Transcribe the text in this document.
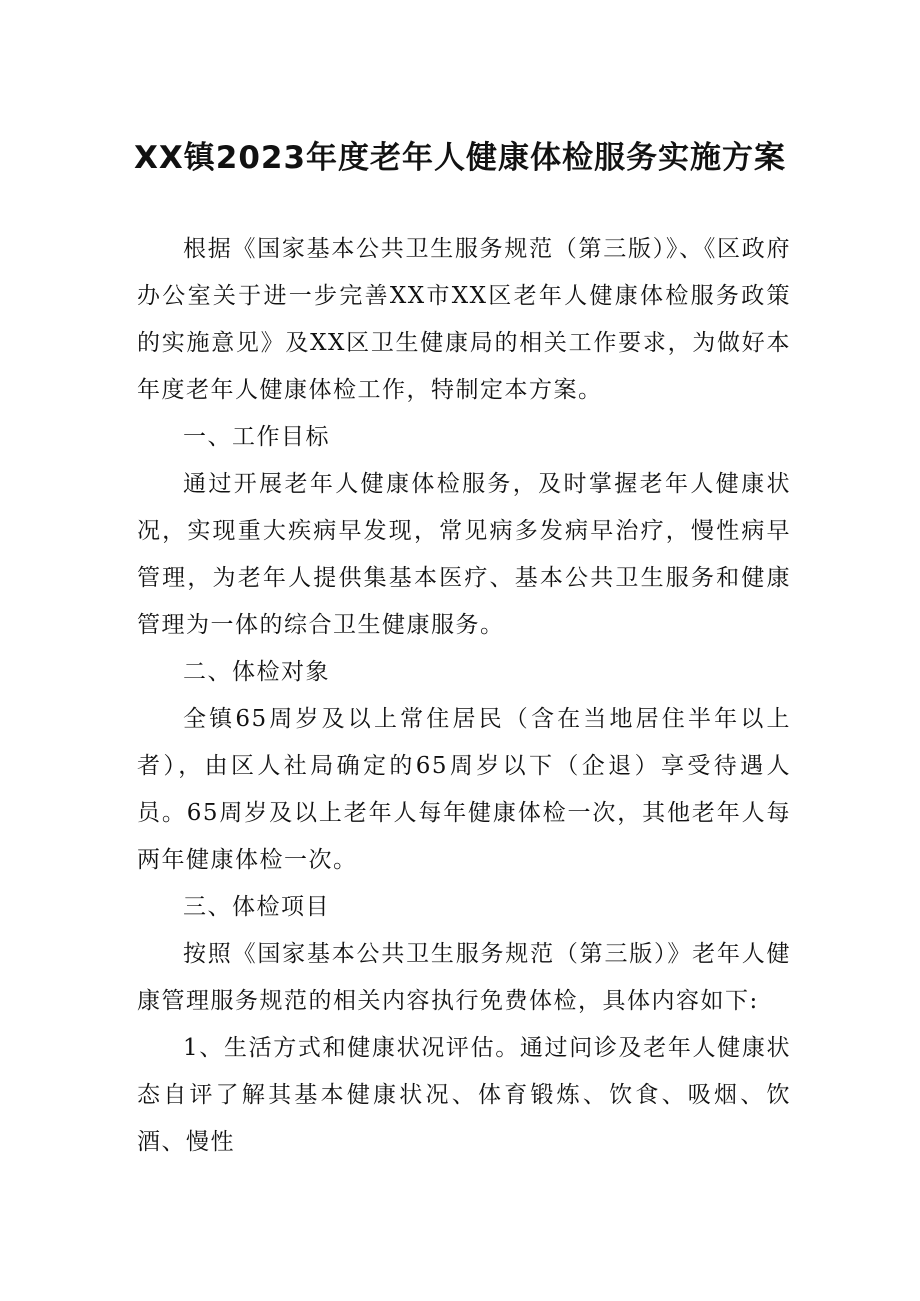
XX镇2023年度老年人健康体检服务实施方案

根据《国家基本公共卫生服务规范（第三版）》、《区政府办公室关于进一步完善XX市XX区老年人健康体检服务政策的实施意见》及XX区卫生健康局的相关工作要求，为做好本年度老年人健康体检工作，特制定本方案。

一、工作目标

通过开展老年人健康体检服务，及时掌握老年人健康状况，实现重大疾病早发现，常见病多发病早治疗，慢性病早管理，为老年人提供集基本医疗、基本公共卫生服务和健康管理为一体的综合卫生健康服务。

二、体检对象

全镇65周岁及以上常住居民（含在当地居住半年以上者），由区人社局确定的65周岁以下（企退）享受待遇人员。65周岁及以上老年人每年健康体检一次，其他老年人每两年健康体检一次。

三、体检项目

按照《国家基本公共卫生服务规范（第三版）》老年人健康管理服务规范的相关内容执行免费体检，具体内容如下:

1、生活方式和健康状况评估。通过问诊及老年人健康状态自评了解其基本健康状况、体育锻炼、饮食、吸烟、饮酒、慢性
